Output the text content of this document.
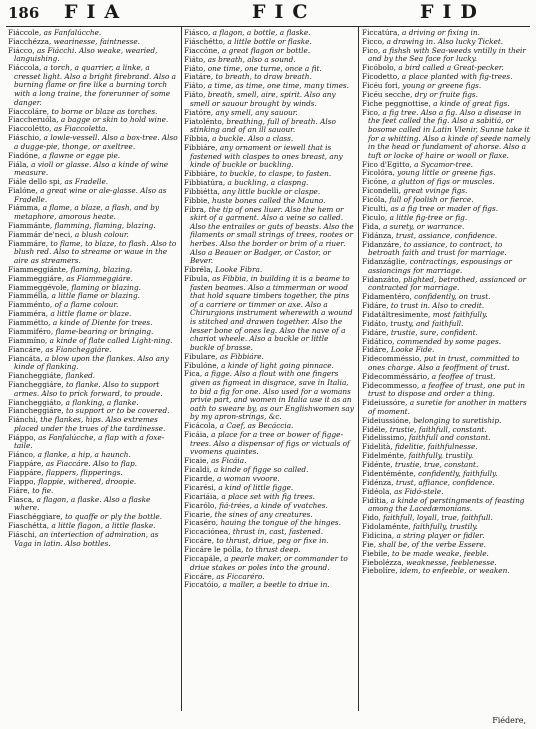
186 FIA	FIC	FID

Fiáccole, as Fanfalúcche.

Fiacchézza, wearinesse, faintnesse.

Fiácco, as Fiácchi. Also weake, wearied, languishing.

Fiáccola, a torch, a quarrier, a linke, a cresset light. Also a bright firebrand. Also a burning flame or fire like a burning torch with a long traine, the forerunner of some danger.

Fiaccoláre, to borne or blaze as torches.

Fiaccheruóla, a bagge or skin to hold wine.

Fiaccolétto, as Fiaccoletta.

Fiáschio, a lowle-vessell. Also a box-tree. Also a dugge-pie, thonge, or axeltree.

Fiadóne, a flawne or egge pie.

Fiála, a violl or glasse. Also a kinde of wine measure.

Fiále dello spi, as Fradelle.

Fialóne, a great wine or ale-glasse. Also as Fradelle.

Fiámma, a flame, a blaze, a flash, and by metaphore, amorous heate.

Fiammánte, flamming, flaming, blazing.

Fiammár de'neci, a blush colour.

Fiammáre, to flame, to blaze, to flash. Also to blush red. Also to streame or waue in the aire as streamers.

Fiammeggiánte, flaming, blazing.

Fiammeggiáre, as Fiammeggiáre.

Fiammeggévole, flaming or blazing.

Fiammélla, a little flame or blazing.

Fiamménto, of a flame colour.

Fiamméra, a little flame or blaze.

Fiammétto, a kinde of Diente for trees.

Fiammiféro, flame-bearing or bringing.

Fiammíno, a kinde of flate called Light-ning.

Fiancáre, as Fiancheggiáre.

Fiancáta, a blow upon the flankes. Also any kinde of flanking.

Fiancheggiáte, flanked.

Fiancheggiáre, to flanke. Also to support armes. Also to prick forward, to proude.

Fiancheggiáto, a flanking, a flanke.

Fiancheggiáre, to support or to be covered.

Fiánchi, the flankes, hips. Also extremes placed under the trues of the tardinesse.

Fiáppo, as Fanfalúcche, a flap with a foxe-taile.

Fiánco, a flanke, a hip, a haunch.

Fiappáre, as Fiaccáre. Also to flap.

Fiappáre, flappers, flipperings.

Fiappo, flappie, withered, droopie.

Fiáre, to fie.

Fiasca, a flagon, a flaske. Also a flaske where.

Fiaschéggiare, to quaffe or ply the bottle.

Fiaschétta, a little flagon, a little flaske.

Fiáschi, an interiection of admiration, as Vaga in latin. Also bottles.

Fiásco, a flagon, a bottle, a flaske.

Fiáschétto, a little bottle or flaske.

Fiaccóne, a great flagon or bottle.

Fiáto, as breath, also a sound.

Fiáto, one time, one turne, once a fit.

Fiatáre, to breath, to draw breath.

Fiáto, a time, as time, one time, many times.

Fiáto, breath, smell, aire, spirit. Also any smell or sauour brought by winds.

Fiatóre, any smell, any sauour.

Fiatolénto, breathing, full of breath. Also stinking and of an ill sauour.

Fíbbia, a buckle. Also a class.

Fibbiáre, any ornament or iewell that is fastened with claspes to ones breast, any kinde of buckle or buckling.

Fibbiáre, to buckle, to claspe, to fasten.

Fibbiatúra, a buckling, a claspng.

Fibbiétta, any little buckle or claspe.

Fibbie, huste bones called the Mauno.

Fibra, the tip of ones liuer. Also the hem or skirt of a garment. Also a veine so called. Also the entrailes or guts of beasts. Also the filaments or small strings of trees, rootes or herbes. Also the border or brim of a riuer. Also a Beauer or Badger, or Castor, or Bever.

Fibréla, Looke Fibra.

Fíbula, as Fibbia, in building it is a beame to fasten beames. Also a timmerman or wood that hold square timbers together, the pins of a carriere or timmer or axe. Also a Chirurgions instrument wherewith a wound is stitched and drawen together. Also the lesser bone of ones leg. Also the nave of a chariot wheele. Also a buckle or little buckle of brasse.

Fibulare, as Fibbiáre.

Fibulóne, a kinde of light going pinnace.

Fica, a figge. Also a flout with one fingers given as figmeat in disgrace, save in Italia, to bid a fig for one. Also used for a womans privie part, and women in Italia use it as an oath to sweare by, as our Englishwomen say by my apron-strings, &c.

Ficácola, a Caef, as Becáccia.

Ficáia, a place for a tree or bower of figge-trees. Also a dispensar of figs or victuals of vvomens quaintes.

Ficaie, as Ficáia.

Ficaldi, a kinde of figge so called.

Ficarde, a woman vvoore.

Ficarési, a kind of little figge.

Ficariáia, a place set with fig trees.

Ficarólo, fiá-trées, a kinde of vvatches.

Ficarie, the sines of any creatures.

Ficaséro, hauing the tongue of the hinges.

Ficcaciónea, thrust in, cast, fastened.

Ficcáre, to thrust, driue, peg or fixe in.

Ficcáre le pólla, to thrust deep.

Ficcapále, a pearle maker, or commander to driue stakes or poles into the ground.

Ficcáre, as Ficcaréro.

Ficcatóio, a maller, a beetle to driue in.

Ficcatúra, a driving or fixing in.

Ficco, a drawing in. Also lucky Ticket.

Fico, a fishsh with Sea-weeds vntilly in their and by the Sea face for lucky.

Ficóbolo, a bird called a Great-pecker.

Ficodetto, a place planted with fig-trees.

Ficéu fori, young or greene figs.

Ficéu secche, dry or fruite figs.

Fiche peggnottise, a kinde of great figs.

Fico, a fig tree. Also a fig. Also a disease in the feet called the fig. Also a sabitiá, or bosome called in Latin Vlenir, Sunne take it for a whitting. Also a kinde of seede namely in the head or fundament of ahorse. Also a tuft or locke of haire or wooll or flaxe.

Fico d'Egitto, a Sycamor-tree.

Ficolóra, young little or greene figs.

Ficóne, a glutton of figs or muscles.

Ficondelli, great vvinge figs.

Ficóla, full of foolish or fierce.

Ficulti, as a fig tree or mader of figs.

Ficulo, a little fig-tree or fig.

Fida, a surety, or warrance.

Fidánza, trust, assiance, confidence.

Fidanzáre, to assiance, to contract, to betroath faith and trust for marriage.

Fidanzáglie, contractings, espousings or assiancings for marriage.

Fidanzáto, plighted, betrothed, assianced or contracted for marriage.

Fidamentéro, confidently, on trust.

Fidáre, to trust in. Also to credit.

Fidatáltresimente, most faithfully.

Fidáto, trusty, and faithfull.

Fidáre, trustie, sure, confident.

Fidático, commended by some pages.

Fidáre, Looke Fide.

Fidecomméssio, put in trust, committed to ones charge. Also a feoffment of trust.

Fidecomméssário, a feoffee of trust.

Fidecommesso, a feoffee of trust, one put in trust to dispose and order a thing.

Fideiussóre, a suretie for another in matters of moment.

Fideiussióne, belonging to suretiship.

Fidéle, trustie, faithfull, constant.

Fidelissimo, faithfull and constant.

Fidelità, fidelitie, faithfulnesse.

Fidelménte, faithfully, trustily.

Fidénte, trustie, true, constant.

Fidentéménte, confidently, faithfully.

Fidénza, trust, affiance, confidence.

Fidéola, as Fidó-stele.

Fidítia, a kinde of perstingments of feasting among the Lacedæmonians.

Fido, faithfull, loyall, true, faithfull.

Fidolaménte, faithfully, trustily.

Fidicina, a string player or fidler.

Fie, shall be, of the verbe Essere.

Fiebile, to be made weake, feeble.

Fiebolézza, weaknesse, feeblenesse.

Fiebolíre, idem, to enfeeble, or weaken.

Fiédere,
